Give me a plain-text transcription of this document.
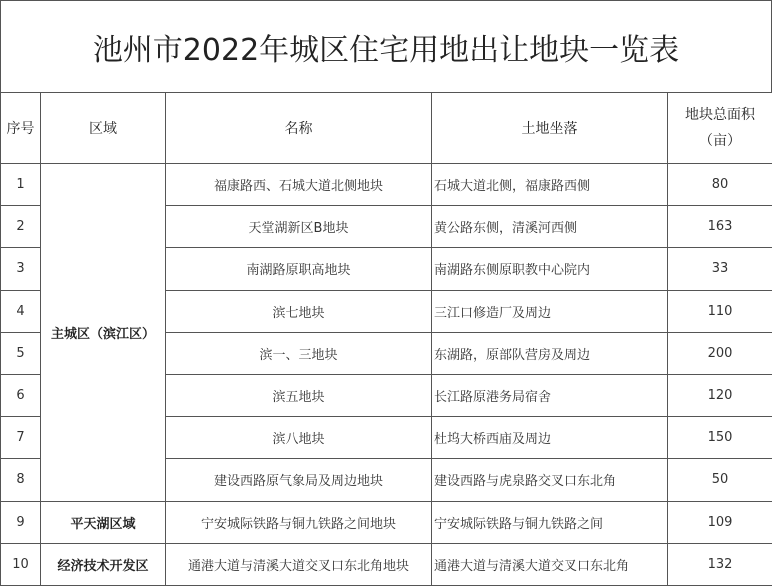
池州市2022年城区住宅用地出让地块一览表
序号	区域	名称	土地坐落	地块总面积
（亩）

1	主城区（滨江区）	福康路西、石城大道北侧地块	石城大道北侧，福康路西侧	80
2		天堂湖新区B地块	黄公路东侧，清溪河西侧	163
3		南湖路原职高地块	南湖路东侧原职教中心院内	33
4		滨七地块	三江口修造厂及周边	110
5		滨一、三地块	东湖路，原部队营房及周边	200
6		滨五地块	长江路原港务局宿舍	120
7		滨八地块	杜坞大桥西庙及周边	150
8		建设西路原气象局及周边地块	建设西路与虎泉路交叉口东北角	50
9	平天湖区域	宁安城际铁路与铜九铁路之间地块	宁安城际铁路与铜九铁路之间	109
10	经济技术开发区	通港大道与清溪大道交叉口东北角地块	通港大道与清溪大道交叉口东北角	132
